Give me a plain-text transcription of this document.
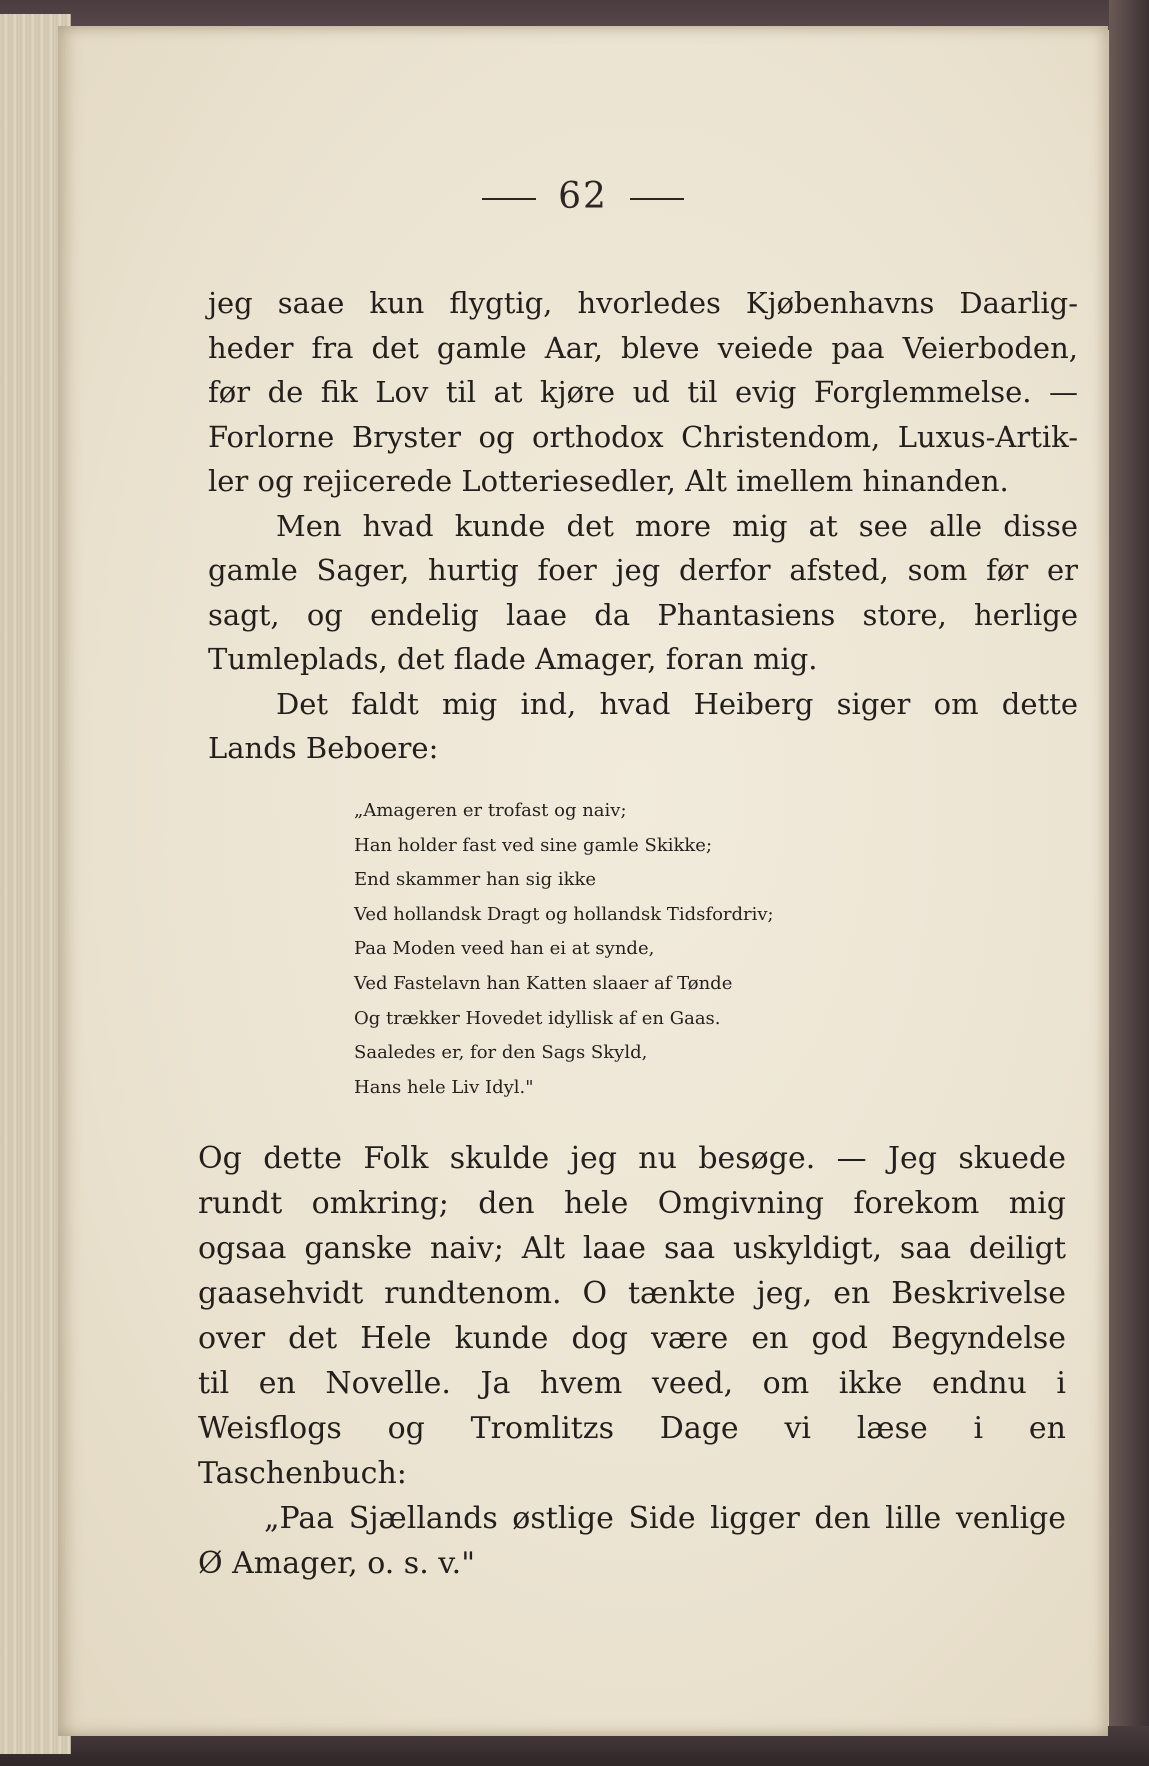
62
jeg saae kun flygtig, hvorledes Kjøbenhavns Daarlig-
heder fra det gamle Aar, bleve veiede paa Veierboden,
før de fik Lov til at kjøre ud til evig Forglemmelse. —
Forlorne Bryster og orthodox Christendom, Luxus-Artik-
ler og rejicerede Lotteriesedler, Alt imellem hinanden.
Men hvad kunde det more mig at see alle disse
gamle Sager, hurtig foer jeg derfor afsted, som før er
sagt, og endelig laae da Phantasiens store, herlige
Tumleplads, det flade Amager, foran mig.
Det faldt mig ind, hvad Heiberg siger om dette
Lands Beboere:
„Amageren er trofast og naiv;
Han holder fast ved sine gamle Skikke;
End skammer han sig ikke
Ved hollandsk Dragt og hollandsk Tidsfordriv;
Paa Moden veed han ei at synde,
Ved Fastelavn han Katten slaaer af Tønde
Og trækker Hovedet idyllisk af en Gaas.
Saaledes er, for den Sags Skyld,
Hans hele Liv Idyl."
Og dette Folk skulde jeg nu besøge. — Jeg skuede
rundt omkring; den hele Omgivning forekom mig
ogsaa ganske naiv; Alt laae saa uskyldigt, saa deiligt
gaasehvidt rundtenom. O tænkte jeg, en Beskrivelse
over det Hele kunde dog være en god Begyndelse
til en Novelle. Ja hvem veed, om ikke endnu i
Weisflogs og Tromlitzs Dage vi læse i en
Taschenbuch:
„Paa Sjællands østlige Side ligger den lille venlige
Ø Amager, o. s. v."
